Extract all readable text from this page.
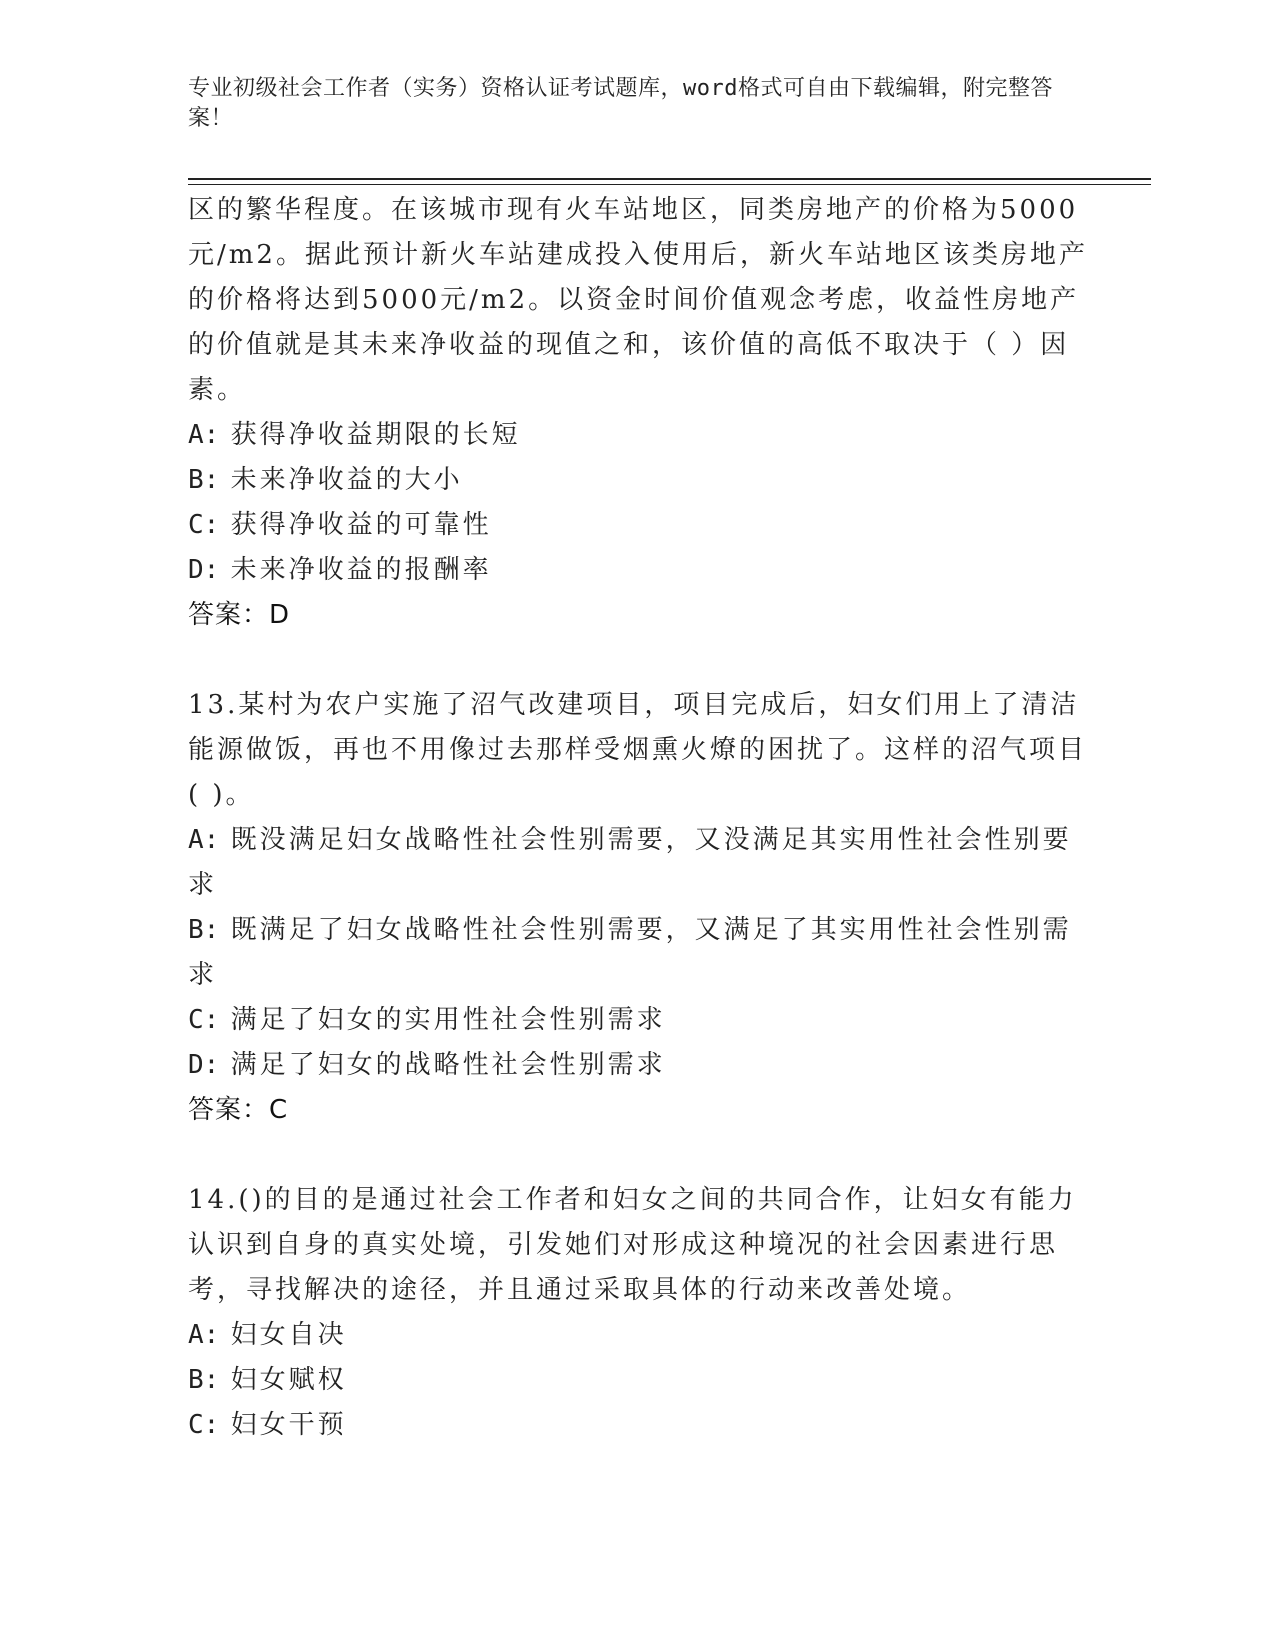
专业初级社会工作者（实务）资格认证考试题库，word格式可自由下载编辑，附完整答案！

区的繁华程度。在该城市现有火车站地区，同类房地产的价格为5000元/m2。据此预计新火车站建成投入使用后，新火车站地区该类房地产的价格将达到5000元/m2。以资金时间价值观念考虑，收益性房地产的价值就是其未来净收益的现值之和，该价值的高低不取决于（ ）因素。

A: 获得净收益期限的长短

B: 未来净收益的大小

C: 获得净收益的可靠性

D: 未来净收益的报酬率

答案：D

13.某村为农户实施了沼气改建项目，项目完成后，妇女们用上了清洁能源做饭，再也不用像过去那样受烟熏火燎的困扰了。这样的沼气项目( )。

A: 既没满足妇女战略性社会性别需要，又没满足其实用性社会性别要求

B: 既满足了妇女战略性社会性别需要，又满足了其实用性社会性别需求

C: 满足了妇女的实用性社会性别需求

D: 满足了妇女的战略性社会性别需求

答案：C

14.()的目的是通过社会工作者和妇女之间的共同合作，让妇女有能力认识到自身的真实处境，引发她们对形成这种境况的社会因素进行思考，寻找解决的途径，并且通过采取具体的行动来改善处境。

A: 妇女自决

B: 妇女赋权

C: 妇女干预
